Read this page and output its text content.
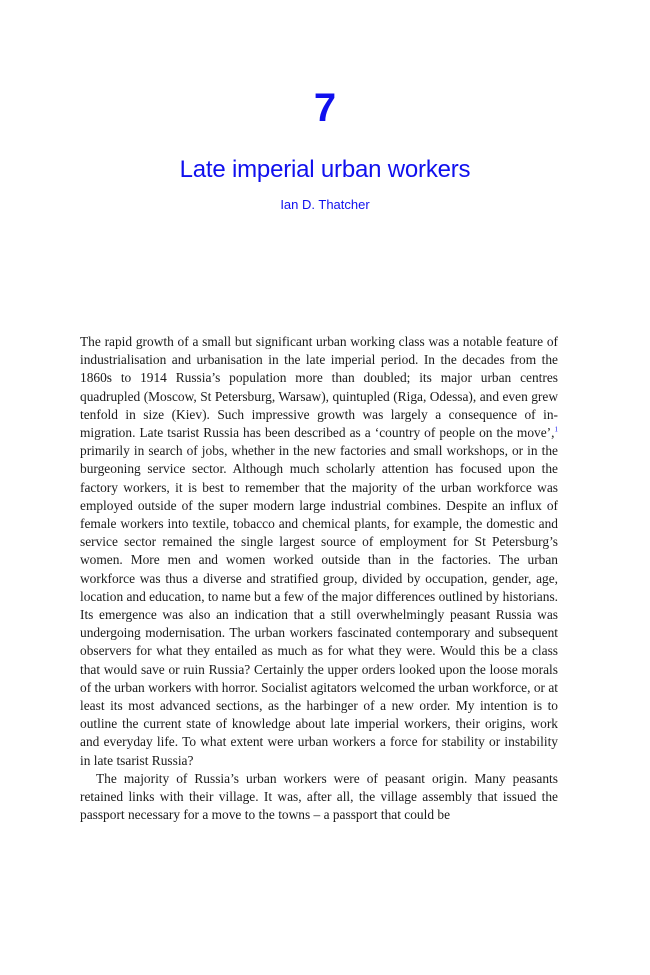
7
Late imperial urban workers
Ian D. Thatcher

The rapid growth of a small but significant urban working class was a notable feature of industrialisation and urbanisation in the late imperial period. In the decades from the 1860s to 1914 Russia’s population more than doubled; its major urban centres quadrupled (Moscow, St Petersburg, Warsaw), quintupled (Riga, Odessa), and even grew tenfold in size (Kiev). Such impressive growth was largely a consequence of in-migration. Late tsarist Russia has been described as a ‘country of people on the move’,$^1$ primarily in search of jobs, whether in the new factories and small workshops, or in the burgeoning service sector. Although much scholarly attention has focused upon the factory workers, it is best to remember that the majority of the urban workforce was employed outside of the super modern large industrial combines. Despite an influx of female workers into textile, tobacco and chemical plants, for example, the domestic and service sector remained the single largest source of employment for St Petersburg’s women. More men and women worked outside than in the factories. The urban workforce was thus a diverse and stratified group, divided by occupation, gender, age, location and education, to name but a few of the major differences outlined by historians. Its emergence was also an indication that a still overwhelmingly peasant Russia was undergoing modernisation. The urban workers fascinated contemporary and subsequent observers for what they entailed as much as for what they were. Would this be a class that would save or ruin Russia? Certainly the upper orders looked upon the loose morals of the urban workers with horror. Socialist agitators welcomed the urban workforce, or at least its most advanced sections, as the harbinger of a new order. My intention is to outline the current state of knowledge about late imperial workers, their origins, work and everyday life. To what extent were urban workers a force for stability or instability in late tsarist Russia?

The majority of Russia’s urban workers were of peasant origin. Many peasants retained links with their village. It was, after all, the village assembly that issued the passport necessary for a move to the towns – a passport that could be
